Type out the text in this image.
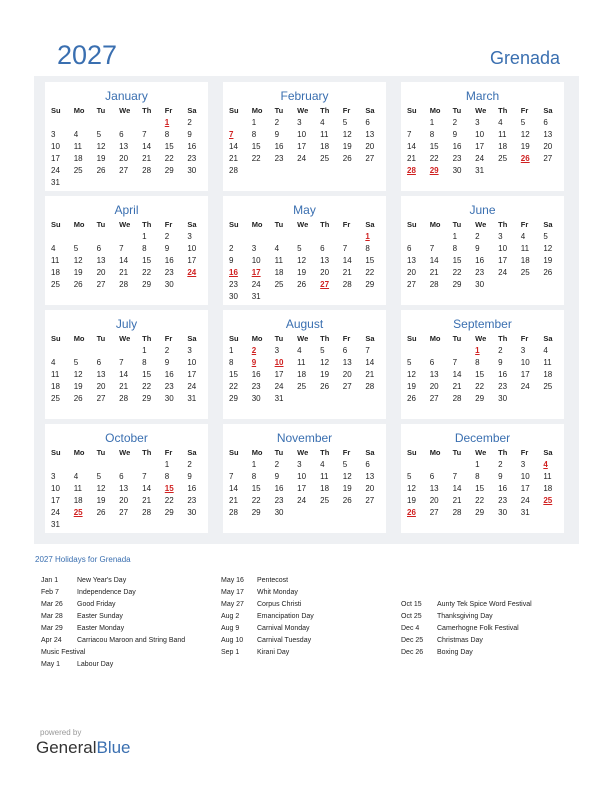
2027	Grenada
January
Su	Mo	Tu	We	Th	Fr	Sa
					1	2
3	4	5	6	7	8	9
10	11	12	13	14	15	16
17	18	19	20	21	22	23
24	25	26	27	28	29	30
31						
February
Su	Mo	Tu	We	Th	Fr	Sa
	1	2	3	4	5	6
7	8	9	10	11	12	13
14	15	16	17	18	19	20
21	22	23	24	25	26	27
28						
March
Su	Mo	Tu	We	Th	Fr	Sa
	1	2	3	4	5	6
7	8	9	10	11	12	13
14	15	16	17	18	19	20
21	22	23	24	25	26	27
28	29	30	31			
April
Su	Mo	Tu	We	Th	Fr	Sa
				1	2	3
4	5	6	7	8	9	10
11	12	13	14	15	16	17
18	19	20	21	22	23	24
25	26	27	28	29	30	
May
Su	Mo	Tu	We	Th	Fr	Sa
						1
2	3	4	5	6	7	8
9	10	11	12	13	14	15
16	17	18	19	20	21	22
23	24	25	26	27	28	29
30	31					
June
Su	Mo	Tu	We	Th	Fr	Sa
		1	2	3	4	5
6	7	8	9	10	11	12
13	14	15	16	17	18	19
20	21	22	23	24	25	26
27	28	29	30			
July
Su	Mo	Tu	We	Th	Fr	Sa
				1	2	3
4	5	6	7	8	9	10
11	12	13	14	15	16	17
18	19	20	21	22	23	24
25	26	27	28	29	30	31
August
Su	Mo	Tu	We	Th	Fr	Sa
1	2	3	4	5	6	7
8	9	10	11	12	13	14
15	16	17	18	19	20	21
22	23	24	25	26	27	28
29	30	31				
September
Su	Mo	Tu	We	Th	Fr	Sa
			1	2	3	4
5	6	7	8	9	10	11
12	13	14	15	16	17	18
19	20	21	22	23	24	25
26	27	28	29	30		
October
Su	Mo	Tu	We	Th	Fr	Sa
					1	2
3	4	5	6	7	8	9
10	11	12	13	14	15	16
17	18	19	20	21	22	23
24	25	26	27	28	29	30
31						
November
Su	Mo	Tu	We	Th	Fr	Sa
	1	2	3	4	5	6
7	8	9	10	11	12	13
14	15	16	17	18	19	20
21	22	23	24	25	26	27
28	29	30				
December
Su	Mo	Tu	We	Th	Fr	Sa
			1	2	3	4
5	6	7	8	9	10	11
12	13	14	15	16	17	18
19	20	21	22	23	24	25
26	27	28	29	30	31	
2027 Holidays for Grenada
Jan 1	New Year's Day
Feb 7	Independence Day
Mar 26 Good Friday
Mar 28 Easter Sunday
Mar 29 Easter Monday
Apr 24 Carriacou Maroon and String Band
Music Festival
May 1 Labour Day
May 16 Pentecost
May 17 Whit Monday
May 27 Corpus Christi
Aug 2	Emancipation Day
Aug 9	Carnival Monday
Aug 10 Carnival Tuesday
Sep 1	Kirani Day
Oct 15 Aunty Tek Spice Word Festival
Oct 25 Thanksgiving Day
Dec 4	Camerhogne Folk Festival
Dec 25 Christmas Day
Dec 26 Boxing Day
powered by
GeneralBlue
